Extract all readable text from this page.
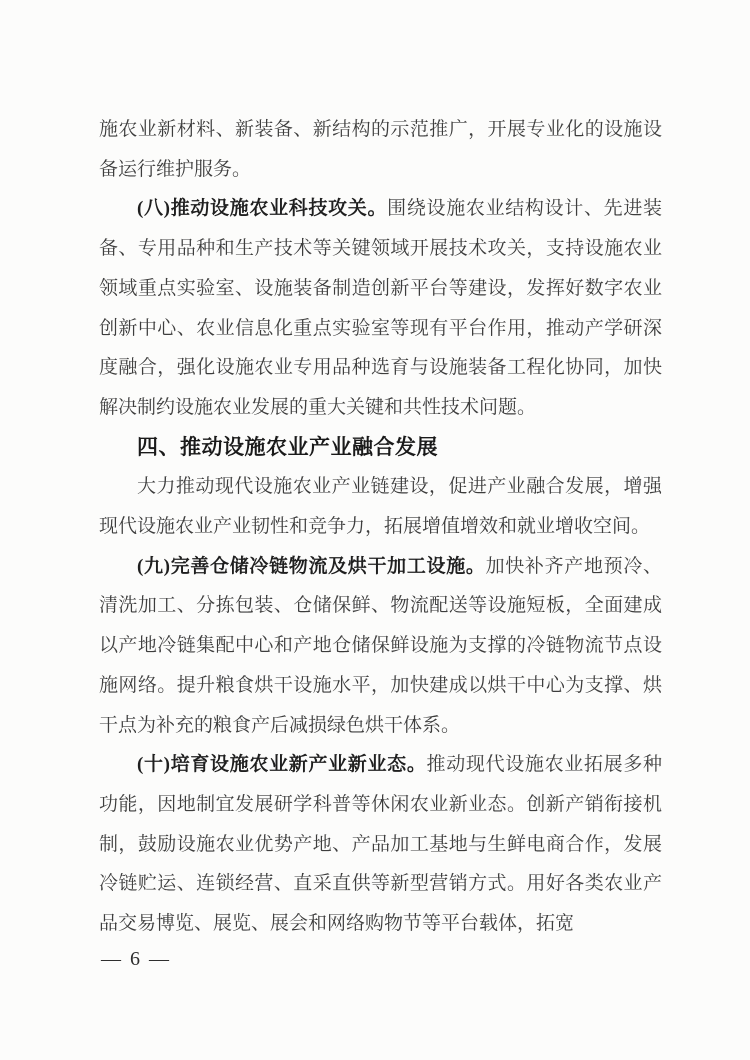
施农业新材料、新装备、新结构的示范推广，开展专业化的设施设备运行维护服务。

(八)推动设施农业科技攻关。围绕设施农业结构设计、先进装备、专用品种和生产技术等关键领域开展技术攻关，支持设施农业领域重点实验室、设施装备制造创新平台等建设，发挥好数字农业创新中心、农业信息化重点实验室等现有平台作用，推动产学研深度融合，强化设施农业专用品种选育与设施装备工程化协同，加快解决制约设施农业发展的重大关键和共性技术问题。

四、推动设施农业产业融合发展

大力推动现代设施农业产业链建设，促进产业融合发展，增强现代设施农业产业韧性和竞争力，拓展增值增效和就业增收空间。

(九)完善仓储冷链物流及烘干加工设施。加快补齐产地预冷、清洗加工、分拣包装、仓储保鲜、物流配送等设施短板，全面建成以产地冷链集配中心和产地仓储保鲜设施为支撑的冷链物流节点设施网络。提升粮食烘干设施水平，加快建成以烘干中心为支撑、烘干点为补充的粮食产后减损绿色烘干体系。

(十)培育设施农业新产业新业态。推动现代设施农业拓展多种功能，因地制宜发展研学科普等休闲农业新业态。创新产销衔接机制，鼓励设施农业优势产地、产品加工基地与生鲜电商合作，发展冷链贮运、连锁经营、直采直供等新型营销方式。用好各类农业产品交易博览、展览、展会和网络购物节等平台载体，拓宽

— 6 —
